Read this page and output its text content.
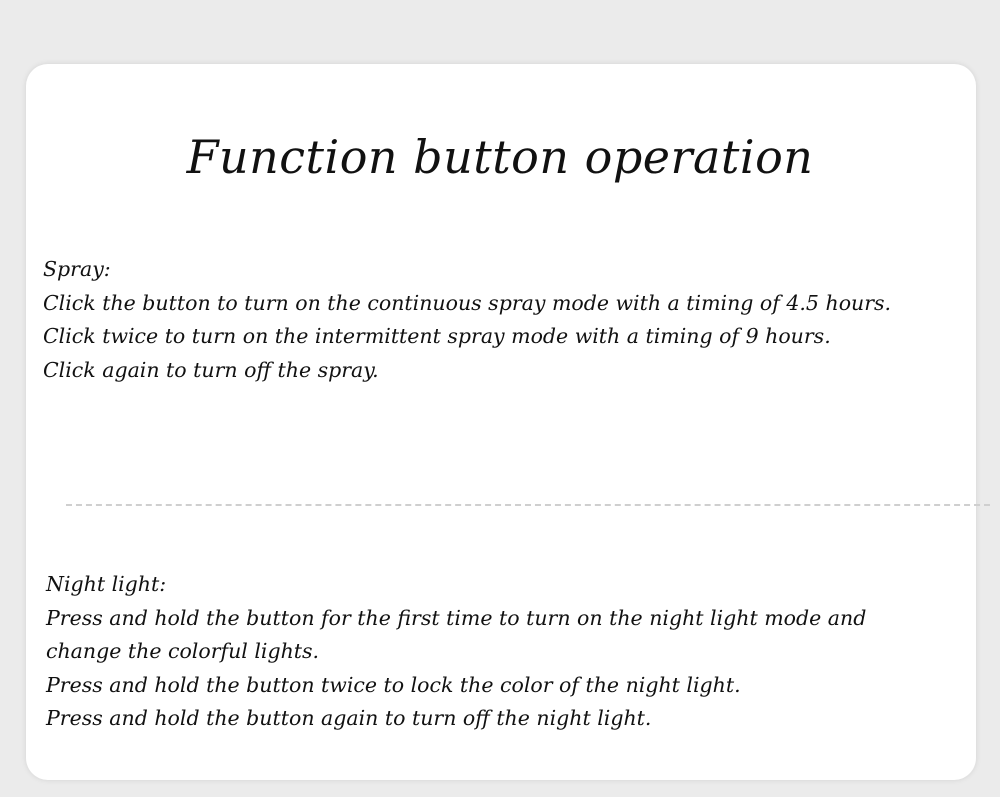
Function button operation

Spray:

Click the button to turn on the continuous spray mode with a timing of 4.5 hours.

Click twice to turn on the intermittent spray mode with a timing of 9 hours.

Click again to turn off the spray.

Night light:

Press and hold the button for the first time to turn on the night light mode and

change the colorful lights.

Press and hold the button twice to lock the color of the night light.

Press and hold the button again to turn off the night light.
